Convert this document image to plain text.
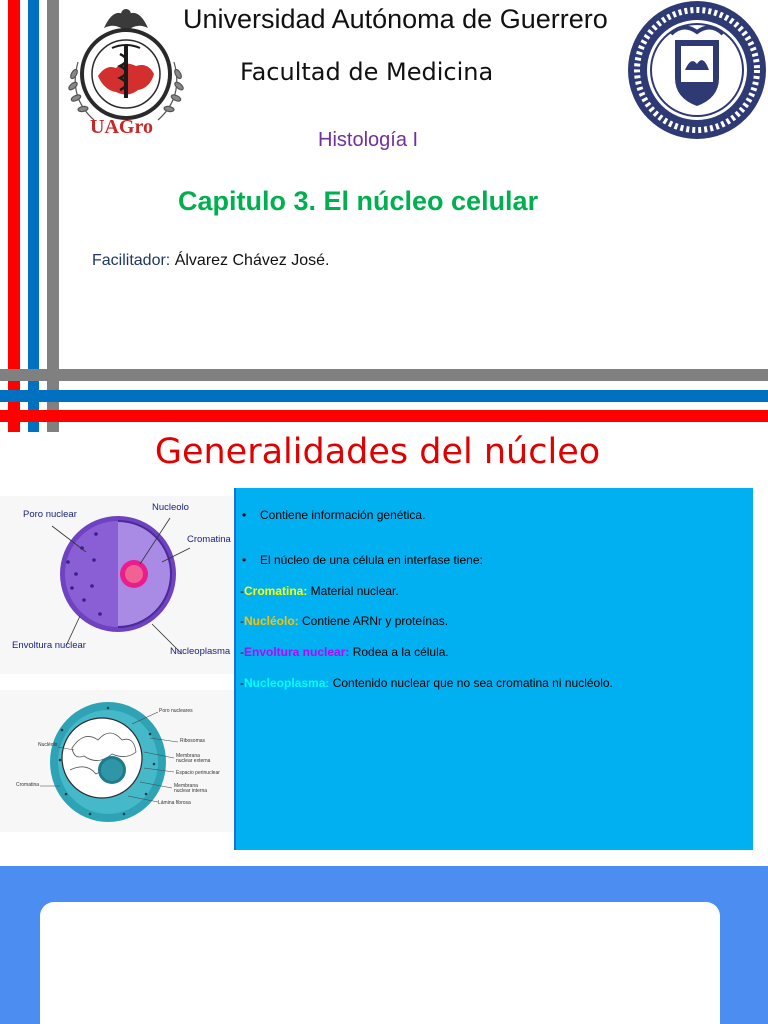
UAGro
Universidad Autónoma de Guerrero
Facultad de Medicina
Histología I
Capitulo 3. El núcleo celular
Facilitador: Álvarez Chávez José.
Generalidades del núcleo
Poro nuclear
Nucleolo
Cromatina
Envoltura nuclear
Nucleoplasma
Poro nucleares
Nucléolo
Ribosomas
Membrana nuclear externa
Espacio perinuclear
Cromatina	Membrana nuclear interna
Lámina fibrosa
• Contiene información genética.
• El núcleo de una célula en interfase tiene:
-Cromatina: Material nuclear.
-Nucléolo: Contiene ARNr y proteínas.
-Envoltura nuclear: Rodea a la célula.
-Nucleoplasma: Contenido nuclear que no sea cromatina ni nucléolo.
